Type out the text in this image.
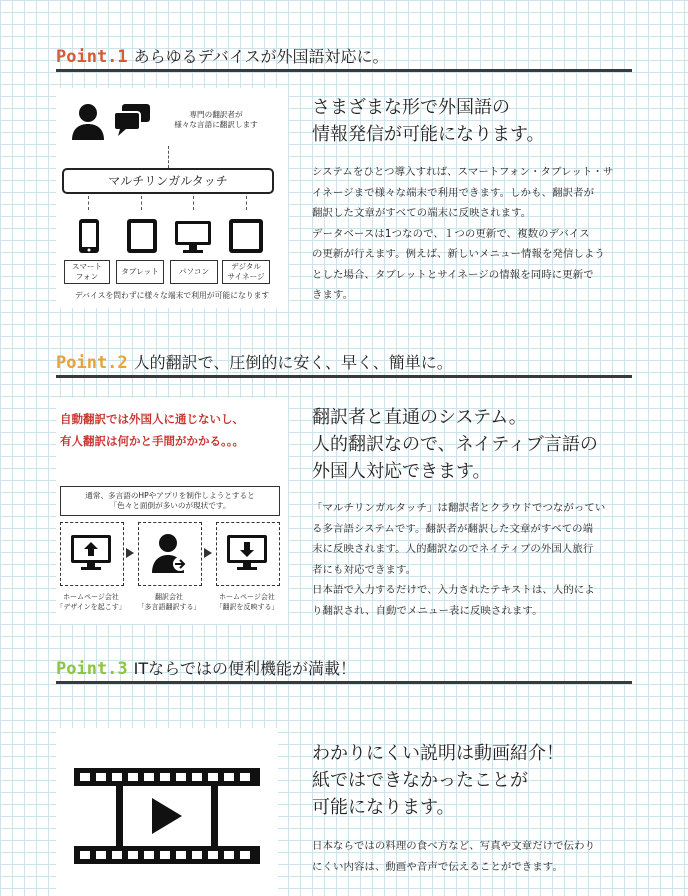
Point.1 あらゆるデバイスが外国語対応に。
専門の翻訳者が
様々な言語に翻訳します
マルチリンガルタッチ
スマート
フォン
タブレット	パソコン
デジタル
サイネージ
デバイスを問わずに様々な端末で利用が可能になります
さまざまな形で外国語の
情報発信が可能になります。
システムをひとつ導入すれば、スマートフォン・タブレット・サ
イネージまで様々な端末で利用できます。しかも、翻訳者が
翻訳した文章がすべての端末に反映されます。
データベースは1つなので、１つの更新で、複数のデバイス
の更新が行えます。例えば、新しいメニュー情報を発信しよう
とした場合、タブレットとサイネージの情報を同時に更新で
きます。
Point.2 人的翻訳で、圧倒的に安く、早く、簡単に。
自動翻訳では外国人に通じないし、
有人翻訳は何かと手間がかかる。。。
通常、多言語のHPやアプリを制作しようとすると
「色々と面倒が多いのが現状です。
ホームページ会社
「デザインを起こす」
翻訳会社
「多言語翻訳する」
ホームページ会社
「翻訳を反映する」
翻訳者と直通のシステム。
人的翻訳なので、ネイティブ言語の
外国人対応できます。
「マルチリンガルタッチ」は翻訳者とクラウドでつながってい
る多言語システムです。翻訳者が翻訳した文章がすべての端
末に反映されます。人的翻訳なのでネイティブの外国人旅行
者にも対応できます。
日本語で入力するだけで、入力されたテキストは、人的によ
り翻訳され、自動でメニュー表に反映されます。
Point.3 ITならではの便利機能が満載！
わかりにくい説明は動画紹介！
紙ではできなかったことが
可能になります。
日本ならではの料理の食べ方など、写真や文章だけで伝わり
にくい内容は、動画や音声で伝えることができます。
